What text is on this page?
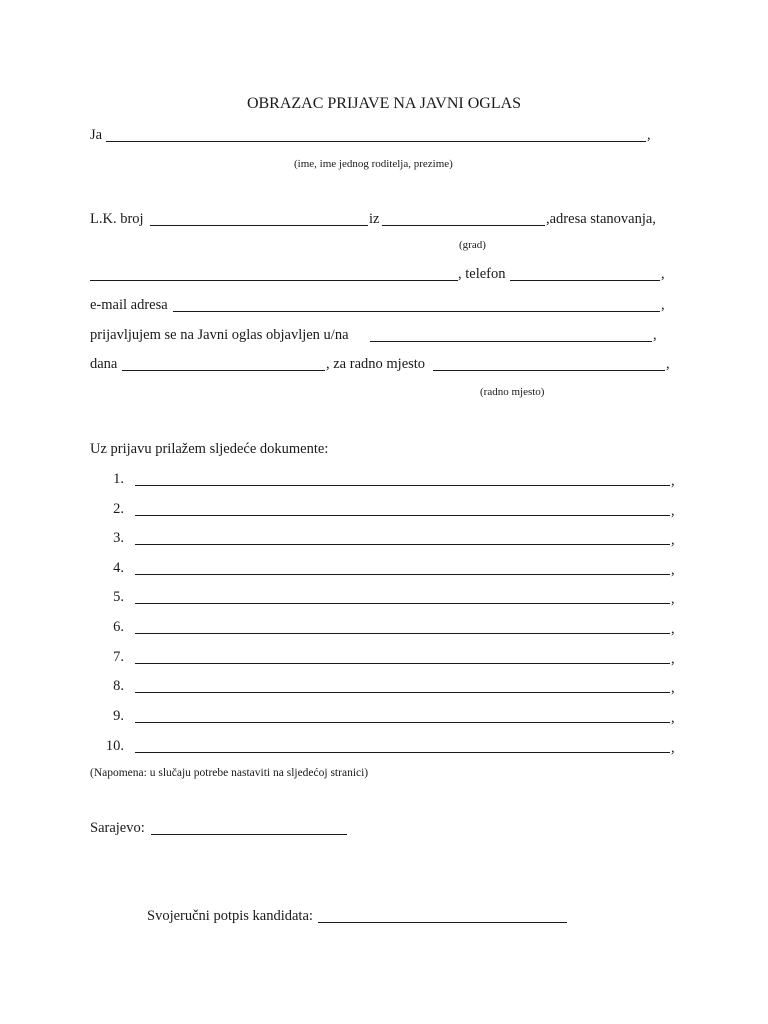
OBRAZAC PRIJAVE NA JAVNI OGLAS
Ja	,
(ime, ime jednog roditelja, prezime)
L.K. broj	iz	,adresa stanovanja,
(grad)
, telefon	,
e-mail adresa	,
prijavljujem se na Javni oglas objavljen u/na	,
dana	, za radno mjesto	,
(radno mjesto)
Uz prijavu prilažem sljedeće dokumente:
1.	,
2.	,
3.	,
4.	,
5.	,
6.	,
7.	,
8.	,
9.	,
10.	,
(Napomena: u slučaju potrebe nastaviti na sljedećoj stranici)
Sarajevo:
Svojeručni potpis kandidata:
